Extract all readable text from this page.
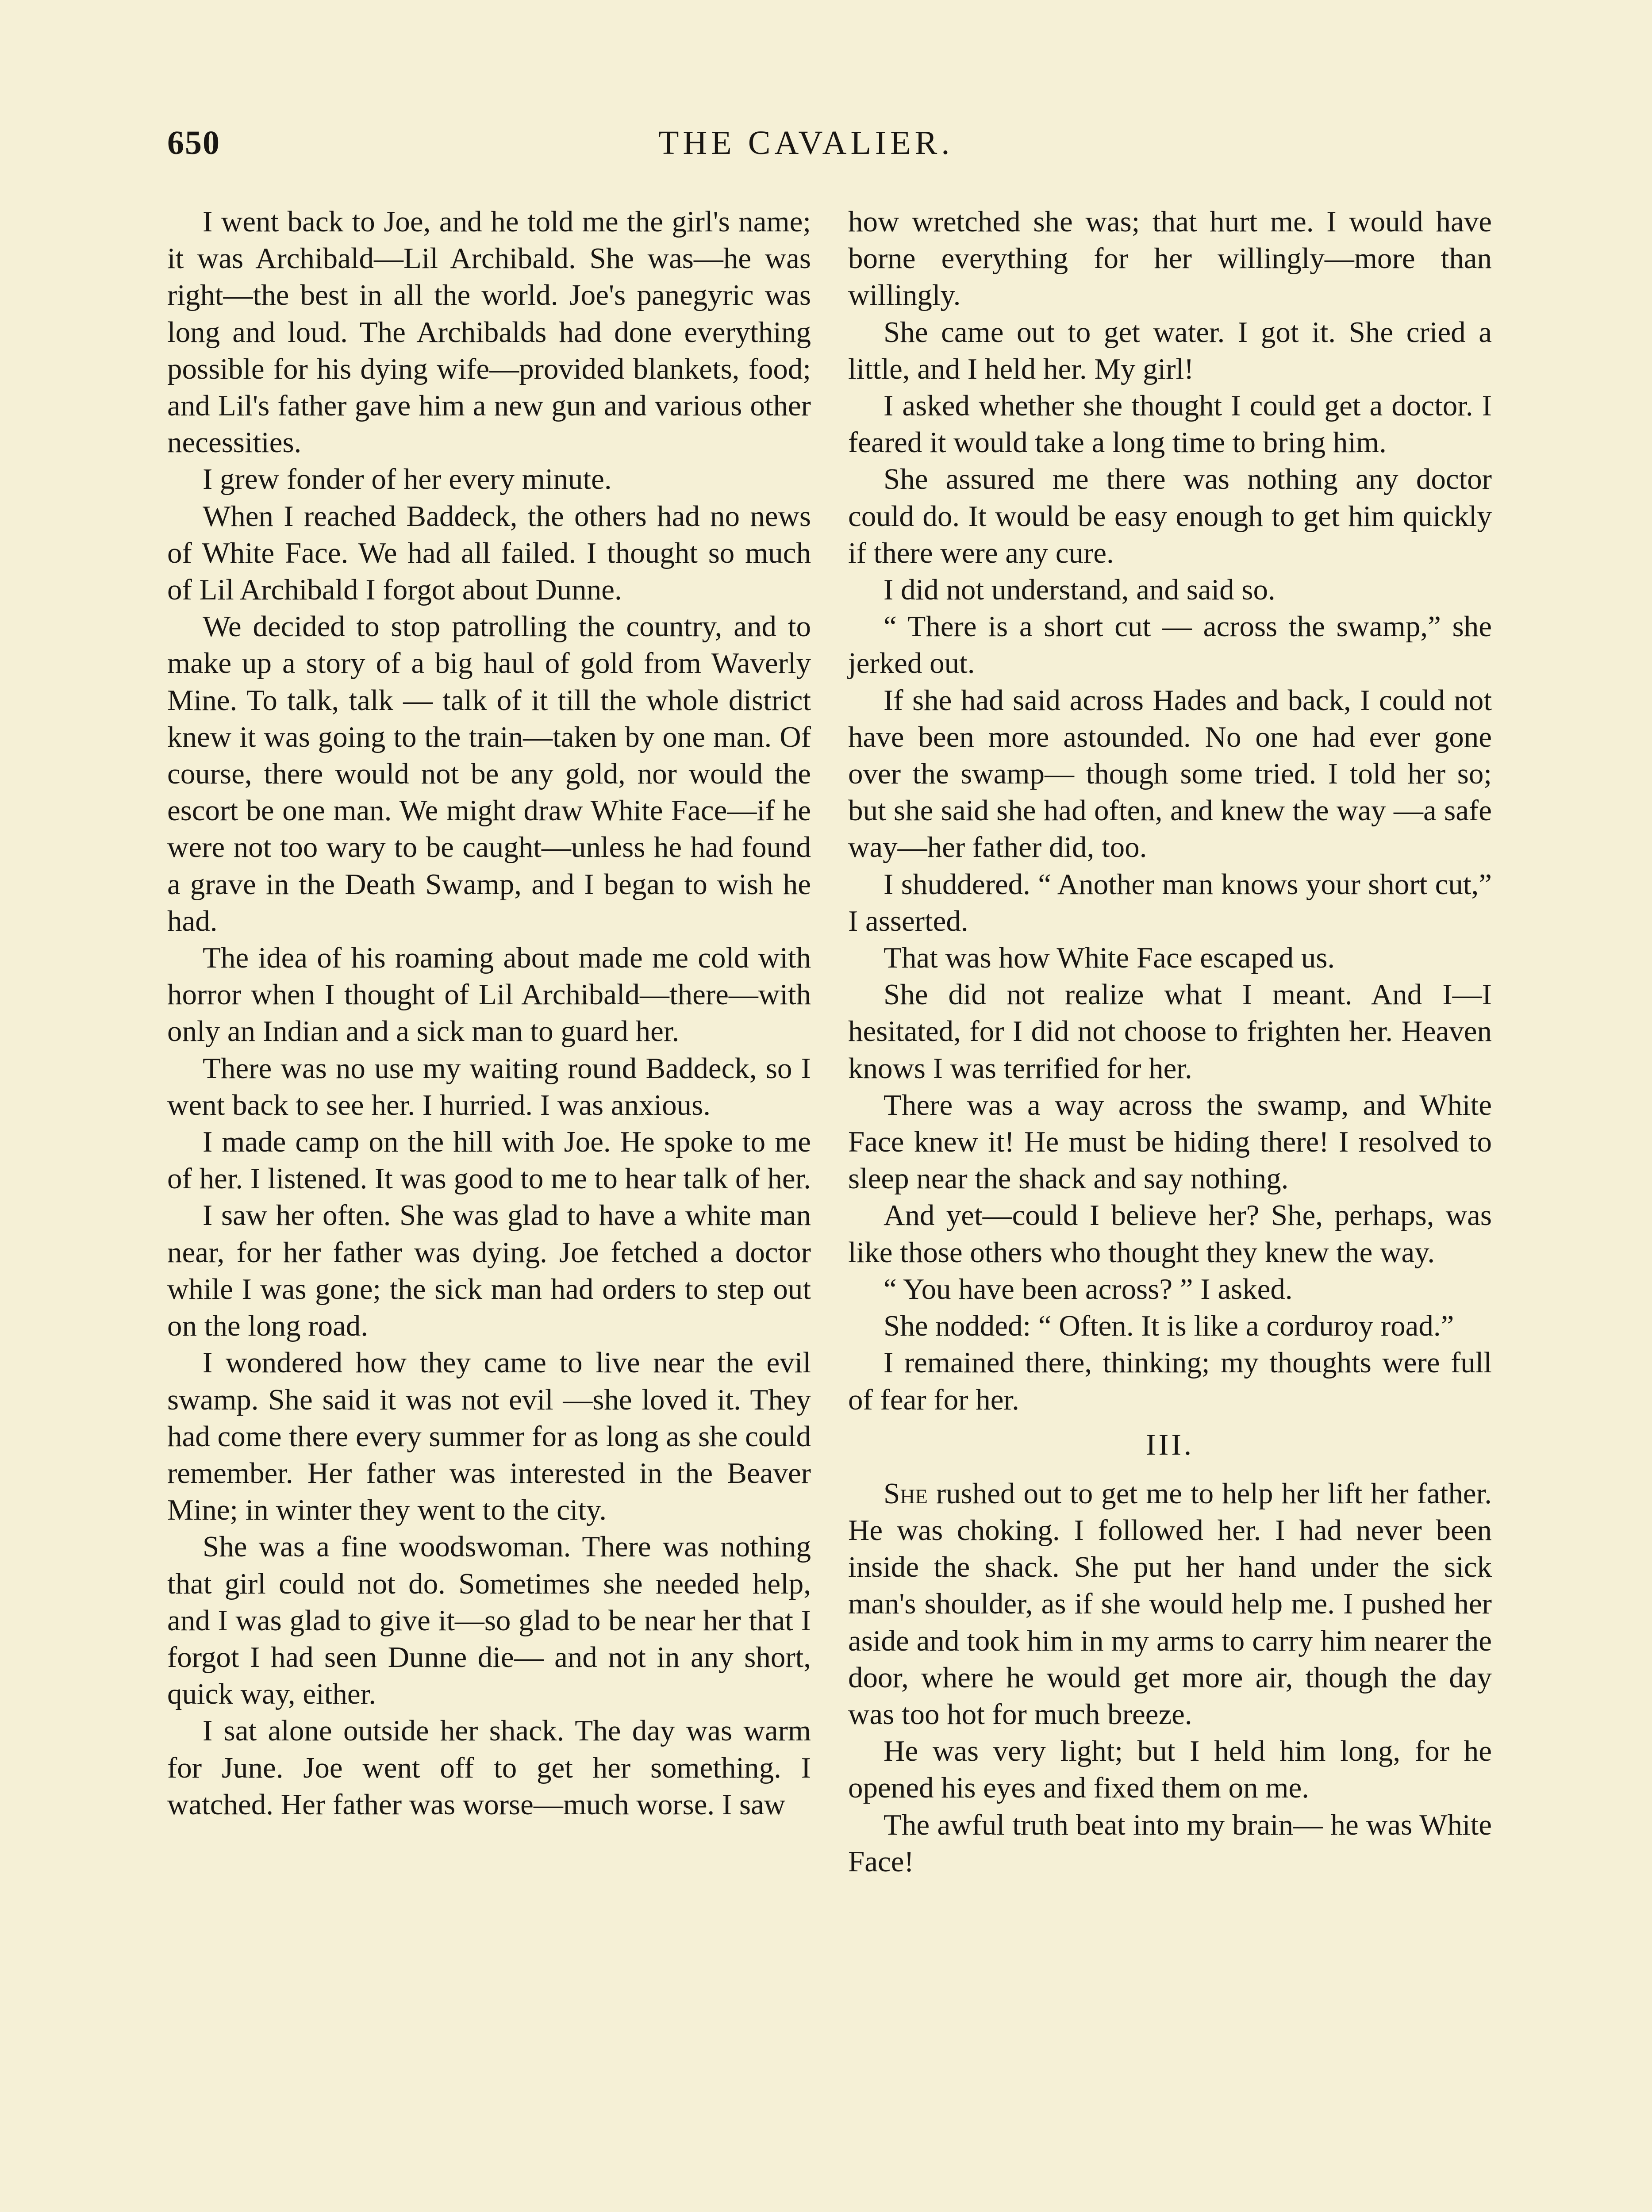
650	THE CAVALIER.

I went back to Joe, and he told me the girl's name; it was Archibald—Lil Archibald. She was—he was right—the best in all the world. Joe's panegyric was long and loud. The Archibalds had done everything possible for his dying wife—provided blankets, food; and Lil's father gave him a new gun and various other necessities.

I grew fonder of her every minute.

When I reached Baddeck, the others had no news of White Face. We had all failed. I thought so much of Lil Archibald I forgot about Dunne.

We decided to stop patrolling the country, and to make up a story of a big haul of gold from Waverly Mine. To talk, talk — talk of it till the whole district knew it was going to the train—taken by one man. Of course, there would not be any gold, nor would the escort be one man. We might draw White Face—if he were not too wary to be caught—unless he had found a grave in the Death Swamp, and I began to wish he had.

The idea of his roaming about made me cold with horror when I thought of Lil Archibald—there—with only an Indian and a sick man to guard her.

There was no use my waiting round Baddeck, so I went back to see her. I hurried. I was anxious.

I made camp on the hill with Joe. He spoke to me of her. I listened. It was good to me to hear talk of her.

I saw her often. She was glad to have a white man near, for her father was dying. Joe fetched a doctor while I was gone; the sick man had orders to step out on the long road.

I wondered how they came to live near the evil swamp. She said it was not evil —she loved it. They had come there every summer for as long as she could remember. Her father was interested in the Beaver Mine; in winter they went to the city.

She was a fine woodswoman. There was nothing that girl could not do. Sometimes she needed help, and I was glad to give it—so glad to be near her that I forgot I had seen Dunne die— and not in any short, quick way, either.

I sat alone outside her shack. The day was warm for June. Joe went off to get her something. I watched. Her father was worse—much worse. I saw

how wretched she was; that hurt me. I would have borne everything for her willingly—more than willingly.

She came out to get water. I got it. She cried a little, and I held her. My girl!

I asked whether she thought I could get a doctor. I feared it would take a long time to bring him.

She assured me there was nothing any doctor could do. It would be easy enough to get him quickly if there were any cure.

I did not understand, and said so.

“ There is a short cut — across the swamp,” she jerked out.

If she had said across Hades and back, I could not have been more astounded. No one had ever gone over the swamp— though some tried. I told her so; but she said she had often, and knew the way —a safe way—her father did, too.

I shuddered. “ Another man knows your short cut,” I asserted.

That was how White Face escaped us.

She did not realize what I meant. And I—I hesitated, for I did not choose to frighten her. Heaven knows I was terrified for her.

There was a way across the swamp, and White Face knew it! He must be hiding there! I resolved to sleep near the shack and say nothing.

And yet—could I believe her? She, perhaps, was like those others who thought they knew the way.

“ You have been across? ” I asked.

She nodded: “ Often. It is like a corduroy road.”

I remained there, thinking; my thoughts were full of fear for her.

III.

She rushed out to get me to help her lift her father. He was choking. I followed her. I had never been inside the shack. She put her hand under the sick man's shoulder, as if she would help me. I pushed her aside and took him in my arms to carry him nearer the door, where he would get more air, though the day was too hot for much breeze.

He was very light; but I held him long, for he opened his eyes and fixed them on me.

The awful truth beat into my brain— he was White Face!
